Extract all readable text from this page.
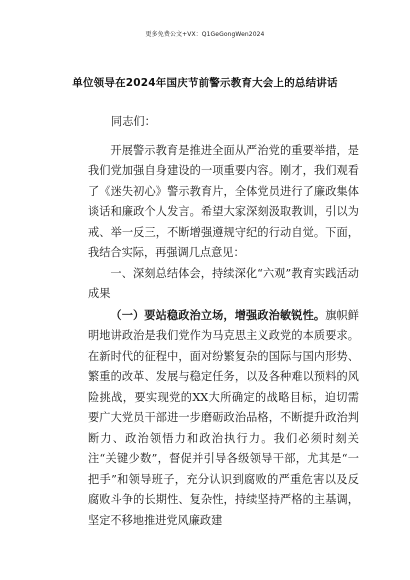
更多免费公文+VX：Q1GeGongWen2024
单位领导在2024年国庆节前警示教育大会上的总结讲话

同志们：

开展警示教育是推进全面从严治党的重要举措，是我们党加强自身建设的一项重要内容。刚才，我们观看了《迷失初心》警示教育片，全体党员进行了廉政集体谈话和廉政个人发言。希望大家深刻汲取教训，引以为戒、举一反三，不断增强遵规守纪的行动自觉。下面，我结合实际，再强调几点意见：

一、深刻总结体会，持续深化“六观”教育实践活动成果

（一）要站稳政治立场，增强政治敏锐性。旗帜鲜明地讲政治是我们党作为马克思主义政党的本质要求。在新时代的征程中，面对纷繁复杂的国际与国内形势、繁重的改革、发展与稳定任务，以及各种难以预料的风险挑战，要实现党的XX大所确定的战略目标，迫切需要广大党员干部进一步磨砺政治品格，不断提升政治判断力、政治领悟力和政治执行力。我们必须时刻关注“关键少数”，督促并引导各级领导干部，尤其是“一把手”和领导班子，充分认识到腐败的严重危害以及反腐败斗争的长期性、复杂性，持续坚持严格的主基调，坚定不移地推进党风廉政建
